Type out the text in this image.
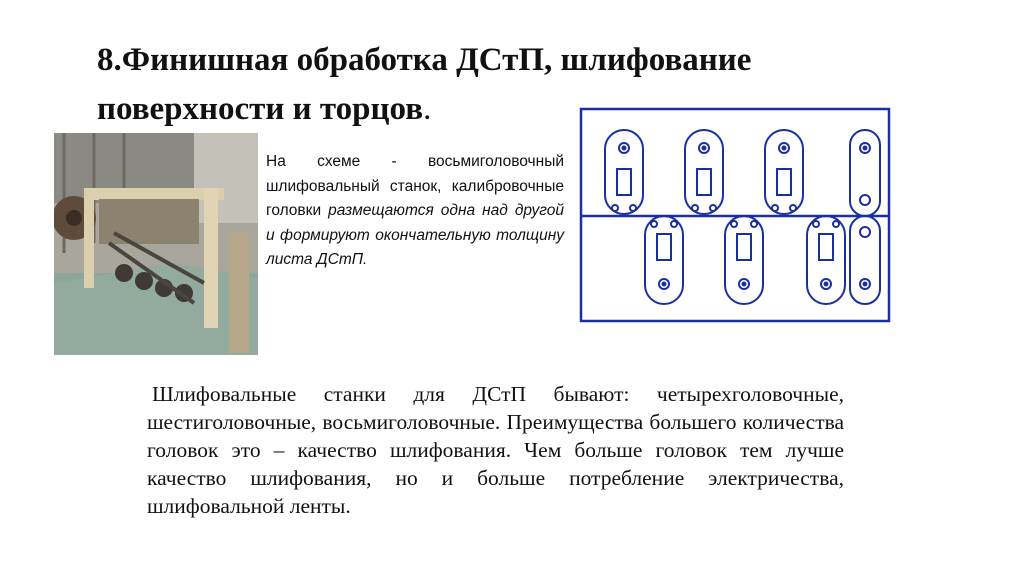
8.Финишная обработка ДСтП, шлифование
поверхности и торцов.
На схеме - восьмиголовочный шлифовальный станок, калибровочные головки размещаются одна над другой и формируют окончательную толщину листа ДСтП.
Шлифовальные станки для ДСтП бывают: четырехголовочные, шестиголовочные, восьмиголовочные. Преимущества большего количества головок это – качество шлифования. Чем больше головок тем лучше качество шлифования, но и больше потребление электричества, шлифовальной ленты.
